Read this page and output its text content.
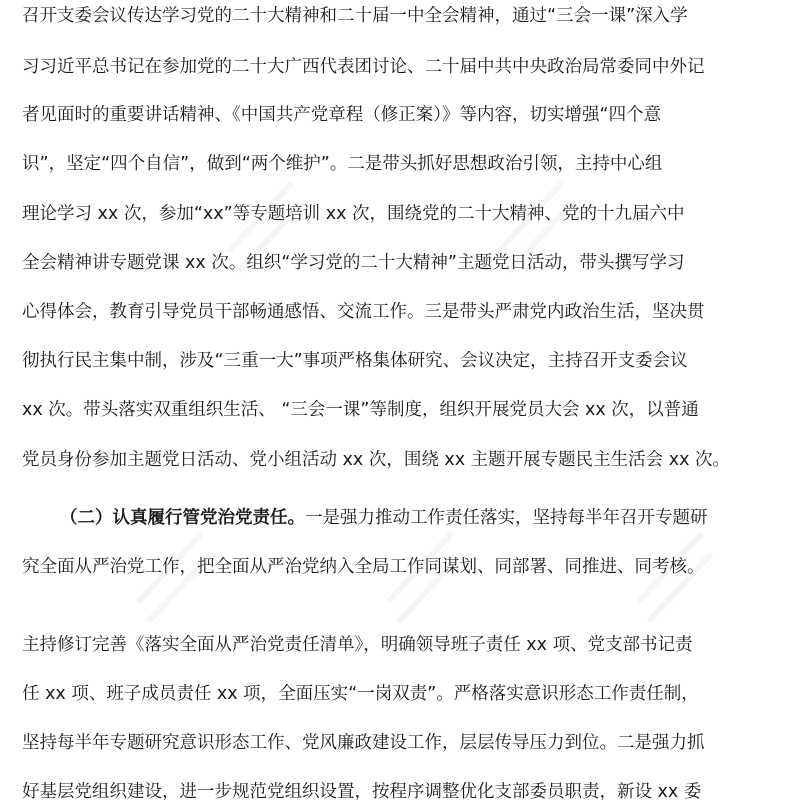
召开支委会议传达学习党的二十大精神和二十届一中全会精神，通过“三会一课”深入学
习习近平总书记在参加党的二十大广西代表团讨论、二十届中共中央政治局常委同中外记
者见面时的重要讲话精神、《中国共产党章程（修正案）》等内容，切实增强“四个意
识”，坚定“四个自信”，做到“两个维护”。二是带头抓好思想政治引领，主持中心组
理论学习 xx 次，参加“xx”等专题培训 xx 次，围绕党的二十大精神、党的十九届六中
全会精神讲专题党课 xx 次。组织“学习党的二十大精神”主题党日活动，带头撰写学习
心得体会，教育引导党员干部畅通感悟、交流工作。三是带头严肃党内政治生活，坚决贯
彻执行民主集中制，涉及“三重一大”事项严格集体研究、会议决定，主持召开支委会议
xx 次。带头落实双重组织生活、 “三会一课”等制度，组织开展党员大会 xx 次，以普通
党员身份参加主题党日活动、党小组活动 xx 次，围绕 xx 主题开展专题民主生活会 xx 次。
（二）认真履行管党治党责任。一是强力推动工作责任落实，坚持每半年召开专题研
究全面从严治党工作，把全面从严治党纳入全局工作同谋划、同部署、同推进、同考核。
主持修订完善《落实全面从严治党责任清单》，明确领导班子责任 xx 项、党支部书记责
任 xx 项、班子成员责任 xx 项，全面压实“一岗双责”。严格落实意识形态工作责任制，
坚持每半年专题研究意识形态工作、党风廉政建设工作，层层传导压力到位。二是强力抓
好基层党组织建设，进一步规范党组织设置，按程序调整优化支部委员职责，新设 xx 委
